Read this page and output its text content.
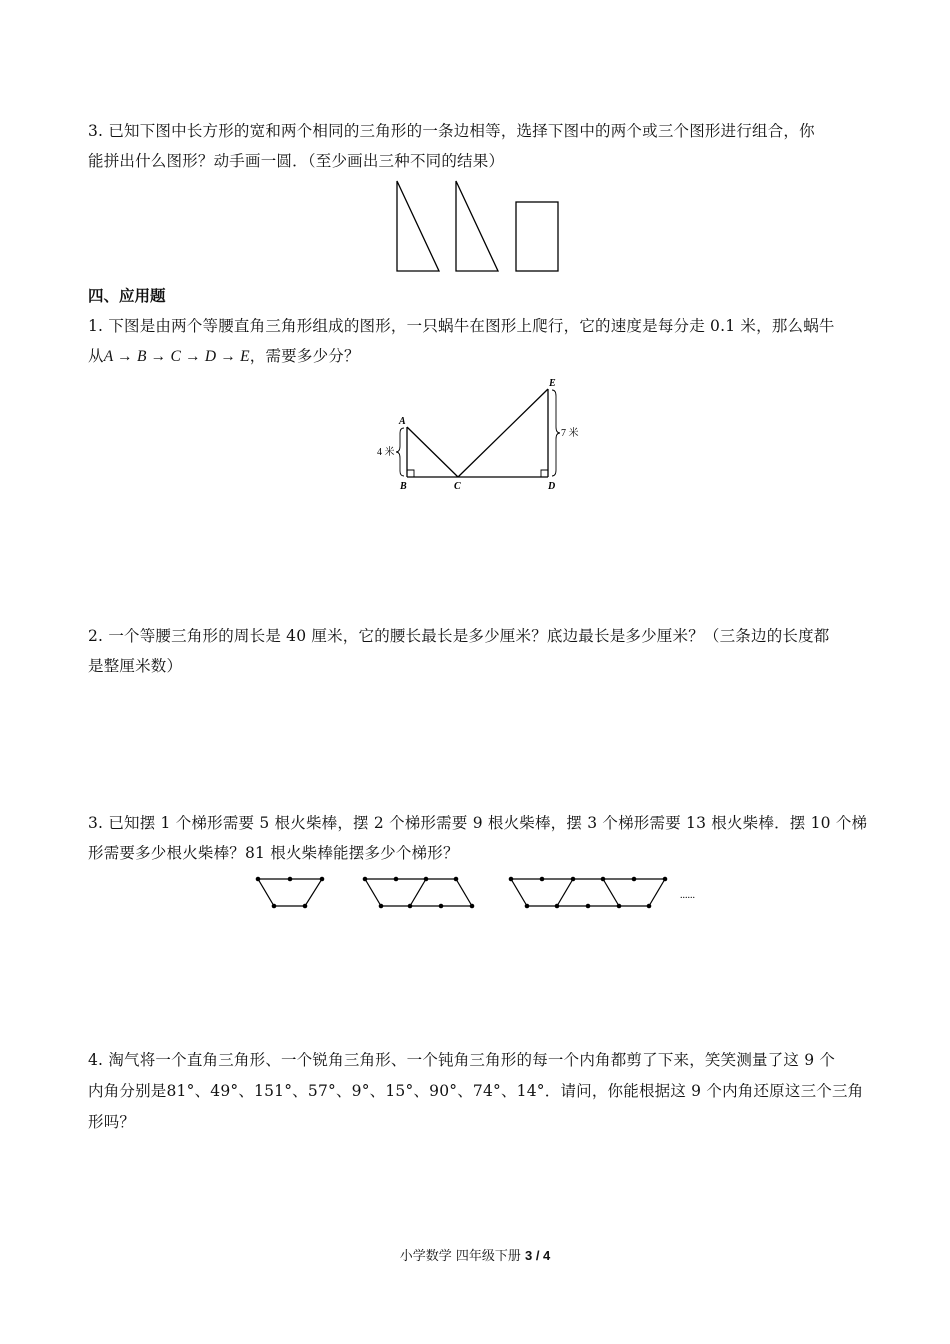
3. 已知下图中长方形的宽和两个相同的三角形的一条边相等，选择下图中的两个或三个图形进行组合，你
能拼出什么图形？动手画一圆．（至少画出三种不同的结果）
四、应用题
1. 下图是由两个等腰直角三角形组成的图形，一只蜗牛在图形上爬行，它的速度是每分走 0.1 米，那么蜗牛
从A → B → C → D → E，需要多少分？
A
B	C	D
E
4 米
7 米
2. 一个等腰三角形的周长是 40 厘米，它的腰长最长是多少厘米？底边最长是多少厘米？（三条边的长度都
是整厘米数）
3. 已知摆 1 个梯形需要 5 根火柴棒，摆 2 个梯形需要 9 根火柴棒，摆 3 个梯形需要 13 根火柴棒．摆 10 个梯
形需要多少根火柴棒？81 根火柴棒能摆多少个梯形？
......
4. 淘气将一个直角三角形、一个锐角三角形、一个钝角三角形的每一个内角都剪了下来，笑笑测量了这 9 个
内角分别是81°、49°、151°、57°、9°、15°、90°、74°、14°．请问，你能根据这 9 个内角还原这三个三角
形吗？
小学数学 四年级下册 3 / 4
